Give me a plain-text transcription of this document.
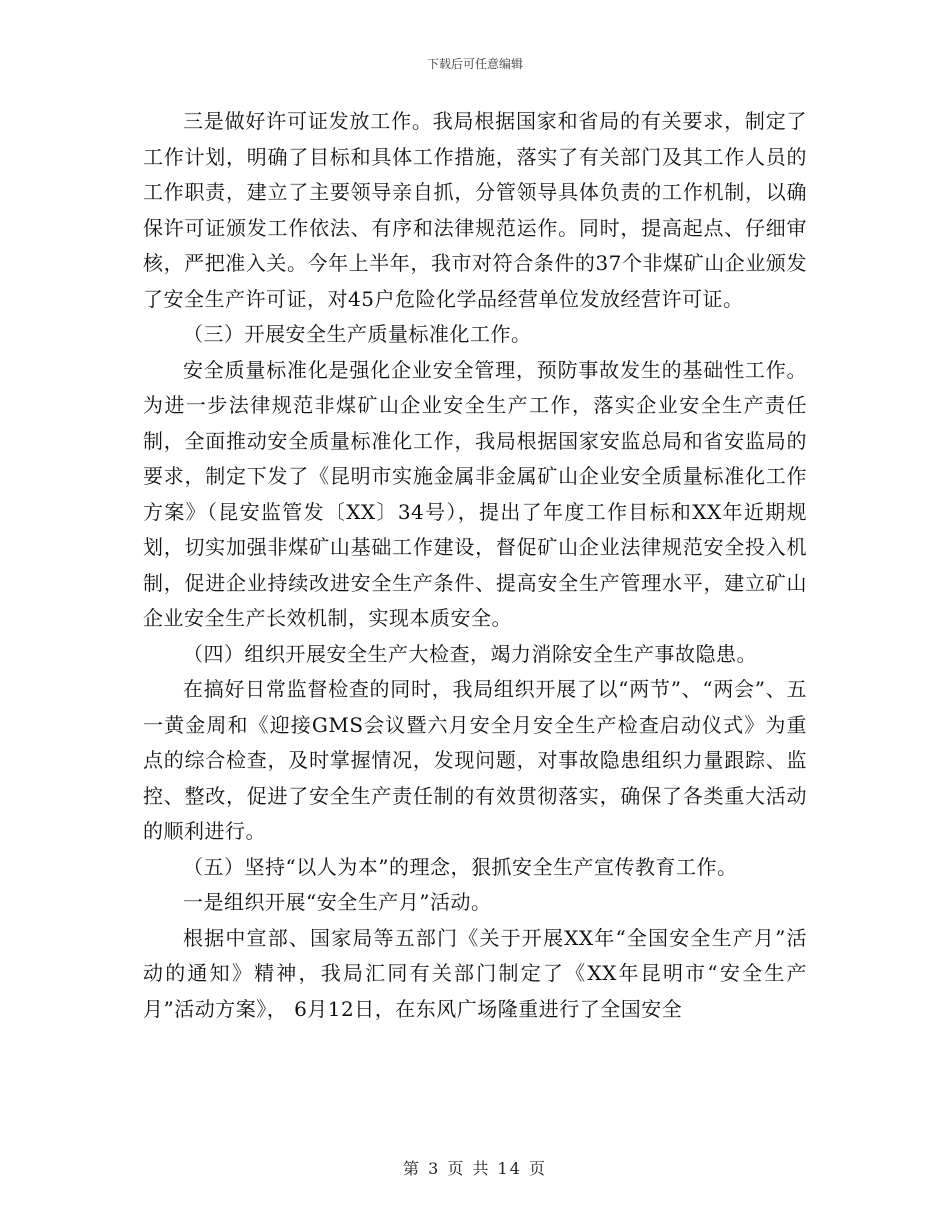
下载后可任意编辑

三是做好许可证发放工作。我局根据国家和省局的有关要求，制定了工作计划，明确了目标和具体工作措施，落实了有关部门及其工作人员的工作职责，建立了主要领导亲自抓，分管领导具体负责的工作机制，以确保许可证颁发工作依法、有序和法律规范运作。同时，提高起点、仔细审核，严把准入关。今年上半年，我市对符合条件的37个非煤矿山企业颁发了安全生产许可证，对45户危险化学品经营单位发放经营许可证。

（三）开展安全生产质量标准化工作。

安全质量标准化是强化企业安全管理，预防事故发生的基础性工作。为进一步法律规范非煤矿山企业安全生产工作，落实企业安全生产责任制，全面推动安全质量标准化工作，我局根据国家安监总局和省安监局的要求，制定下发了《昆明市实施金属非金属矿山企业安全质量标准化工作方案》（昆安监管发〔XX〕34号），提出了年度工作目标和XX年近期规划，切实加强非煤矿山基础工作建设，督促矿山企业法律规范安全投入机制，促进企业持续改进安全生产条件、提高安全生产管理水平，建立矿山企业安全生产长效机制，实现本质安全。

（四）组织开展安全生产大检查，竭力消除安全生产事故隐患。

在搞好日常监督检查的同时，我局组织开展了以“两节”、“两会”、五一黄金周和《迎接GMS会议暨六月安全月安全生产检查启动仪式》为重点的综合检查，及时掌握情况，发现问题，对事故隐患组织力量跟踪、监控、整改，促进了安全生产责任制的有效贯彻落实，确保了各类重大活动的顺利进行。

（五）坚持“以人为本”的理念，狠抓安全生产宣传教育工作。

一是组织开展“安全生产月”活动。

根据中宣部、国家局等五部门《关于开展XX年“全国安全生产月”活动的通知》精神，我局汇同有关部门制定了《XX年昆明市“安全生产月”活动方案》， 6月12日，在东风广场隆重进行了全国安全

第 3 页 共 14 页
